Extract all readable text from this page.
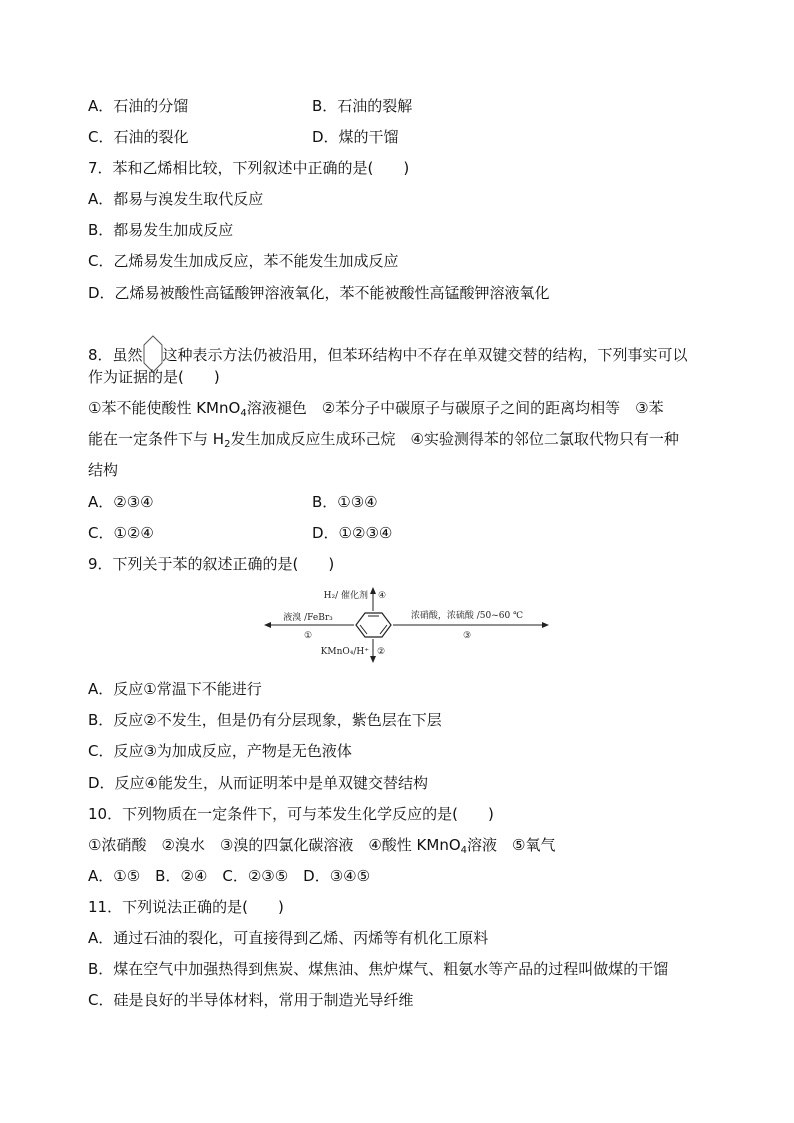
A．石油的分馏	B．石油的裂解
C．石油的裂化	D．煤的干馏
7．苯和乙烯相比较，下列叙述中正确的是(　　)
A．都易与溴发生取代反应
B．都易发生加成反应
C．乙烯易发生加成反应，苯不能发生加成反应
D．乙烯易被酸性高锰酸钾溶液氧化，苯不能被酸性高锰酸钾溶液氧化
8．虽然 这种表示方法仍被沿用，但苯环结构中不存在单双键交替的结构，下列事实可以
作为证据的是(　　)
①苯不能使酸性 KMnO$_4$溶液褪色　②苯分子中碳原子与碳原子之间的距离均相等　③苯
能在一定条件下与 $H_2$发生加成反应生成环己烷　④实验测得苯的邻位二氯取代物只有一种
结构
A．②③④	B．①③④
C．①②④	D．①②③④
9．下列关于苯的叙述正确的是(　　)
H₂/ 催化剂 ④
液溴 /FeBr₃
①
浓硝酸，浓硫酸 /50~60 ℃
③
KMnO₄/H⁺ ②
A．反应①常温下不能进行
B．反应②不发生，但是仍有分层现象，紫色层在下层
C．反应③为加成反应，产物是无色液体
D．反应④能发生，从而证明苯中是单双键交替结构
10．下列物质在一定条件下，可与苯发生化学反应的是(　　)
①浓硝酸　②溴水　③溴的四氯化碳溶液　④酸性 KMnO$_4$溶液　⑤氧气
A．①⑤　B．②④　C．②③⑤　D．③④⑤
11．下列说法正确的是(　　)
A．通过石油的裂化，可直接得到乙烯、丙烯等有机化工原料
B．煤在空气中加强热得到焦炭、煤焦油、焦炉煤气、粗氨水等产品的过程叫做煤的干馏
C．硅是良好的半导体材料，常用于制造光导纤维
